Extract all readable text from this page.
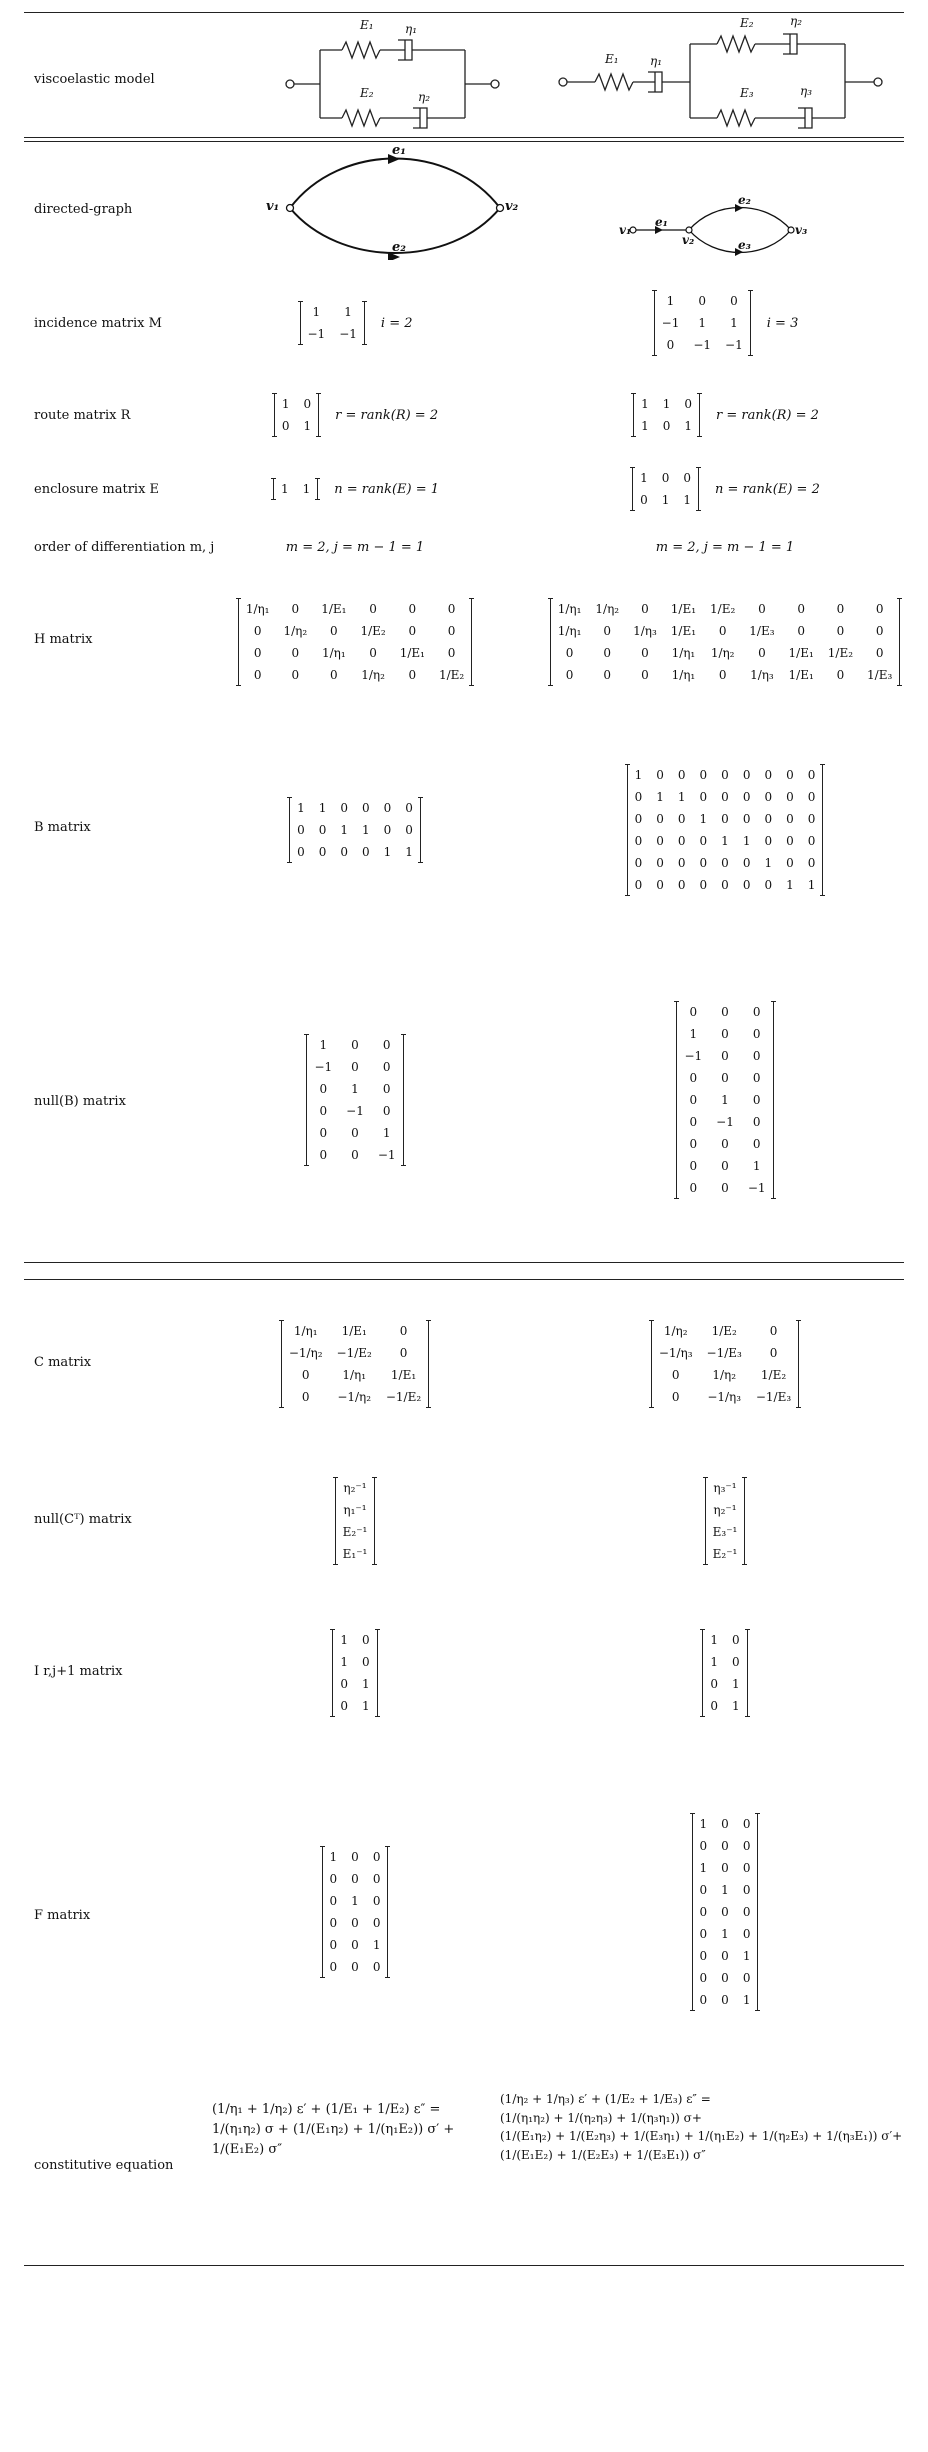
viscoelastic model
E₁	η₁
E₂	η₂
E₁	η₁
E₂	η₂
E₃	η₃
directed-graph	v₁	v₂
e₁
e₂
v₁
v₂
v₃
e₁
e₂
e₃
incidence matrix M
1	1
−1	−1
i = 2
1	0	0
−1	1	1
0	−1	−1
i = 3
route matrix R
1	0
0	1
r = rank(R) = 2
1	1	0
1	0	1
r = rank(R) = 2
enclosure matrix E	1	1 n = rank(E) = 1
1	0	0
0	1	1
n = rank(E) = 2
order of differentiation m, j	m = 2, j = m − 1 = 1	m = 2, j = m − 1 = 1
H matrix
1/η₁	0	1/E₁	0	0	0
0	1/η₂	0	1/E₂	0	0
0	0	1/η₁	0	1/E₁	0
0	0	0	1/η₂	0	1/E₂
1/η₁	1/η₂	0	1/E₁	1/E₂	0	0	0	0
1/η₁	0	1/η₃	1/E₁	0	1/E₃	0	0	0
0	0	0	1/η₁	1/η₂	0	1/E₁	1/E₂	0
0	0	0	1/η₁	0	1/η₃	1/E₁	0	1/E₃
B matrix
1	1	0	0	0	0
0	0	1	1	0	0
0	0	0	0	1	1
1	0	0	0	0	0	0	0	0
0	1	1	0	0	0	0	0	0
0	0	0	1	0	0	0	0	0
0	0	0	0	1	1	0	0	0
0	0	0	0	0	0	1	0	0
0	0	0	0	0	0	0	1	1
null(B) matrix
1	0	0
−1	0	0
0	1	0
0	−1	0
0	0	1
0	0	−1
0	0	0
1	0	0
−1	0	0
0	0	0
0	1	0
0	−1	0
0	0	0
0	0	1
0	0	−1
C matrix
1/η₁	1/E₁	0
−1/η₂	−1/E₂	0
0	1/η₁	1/E₁
0	−1/η₂	−1/E₂
1/η₂	1/E₂	0
−1/η₃	−1/E₃	0
0	1/η₂	1/E₂
0	−1/η₃	−1/E₃
null(Cᵀ) matrix
η₂⁻¹
η₁⁻¹
E₂⁻¹
E₁⁻¹
η₃⁻¹
η₂⁻¹
E₃⁻¹
E₂⁻¹
I r,j+1 matrix
1	0
1	0
0	1
0	1
1	0
1	0
0	1
0	1
F matrix
1	0	0
0	0	0
0	1	0
0	0	0
0	0	1
0	0	0
1	0	0
0	0	0
1	0	0
0	1	0
0	0	0
0	1	0
0	0	1
0	0	0
0	0	1
constitutive equation
(1/η₁ + 1/η₂) ε′ + (1/E₁ + 1/E₂) ε″ =
1/(η₁η₂) σ + (1/(E₁η₂) + 1/(η₁E₂)) σ′ +
1/(E₁E₂) σ″
(1/η₂ + 1/η₃) ε′ + (1/E₂ + 1/E₃) ε″ =
(1/(η₁η₂) + 1/(η₂η₃) + 1/(η₃η₁)) σ+
(1/(E₁η₂) + 1/(E₂η₃) + 1/(E₃η₁) + 1/(η₁E₂) + 1/(η₂E₃) + 1/(η₃E₁)) σ′+
(1/(E₁E₂) + 1/(E₂E₃) + 1/(E₃E₁)) σ″
